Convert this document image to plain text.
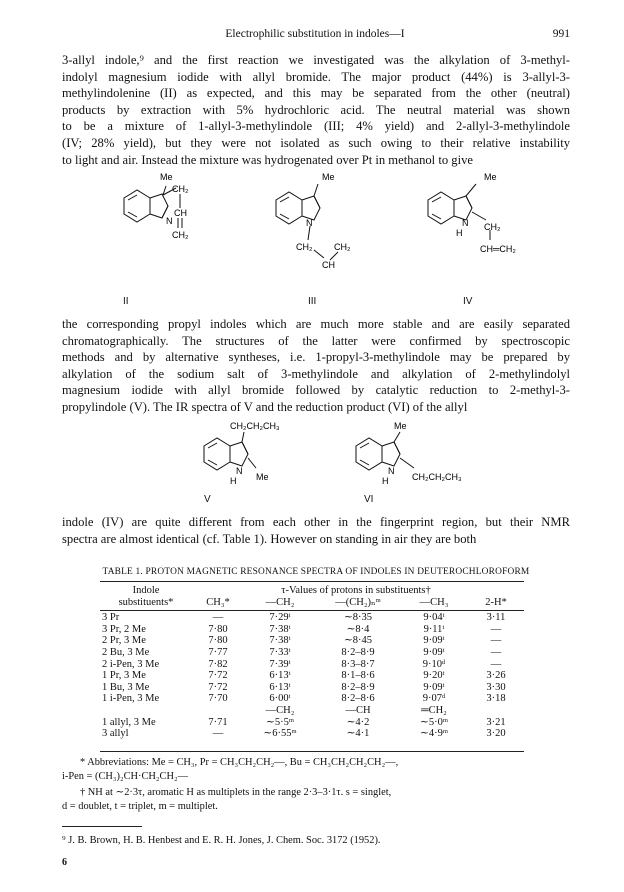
Electrophilic substitution in indoles—I	991
3-allyl indole,⁹ and the first reaction we investigated was the alkylation of 3-methyl-
indolyl magnesium iodide with allyl bromide. The major product (44%) is 3-allyl-3-
methylindolenine (II) as expected, and this may be separated from the other (neutral)
products by extraction with 5% hydrochloric acid. The neutral material was shown
to be a mixture of 1-allyl-3-methylindole (III; 4% yield) and 2-allyl-3-methylindole
(IV; 28% yield), but they were not isolated as such owing to their relative instability
to light and air. Instead the mixture was hydrogenated over Pt in methanol to give
Me
CH₂
CH
CH₂
N
II
Me
N
CH₂ CH₂
CH
III
Me
N
H
CH₂
CH═CH₂
IV
the corresponding propyl indoles which are much more stable and are easily separated
chromatographically. The structures of the latter were confirmed by spectroscopic
methods and by alternative syntheses, i.e. 1-propyl-3-methylindole may be prepared by
alkylation of the sodium salt of 3-methylindole and alkylation of 2-methylindolyl
magnesium iodide with allyl bromide followed by catalytic reduction to 2-methyl-3-
propylindole (V). The IR spectra of V and the reduction product (VI) of the allyl
CH₂CH₂CH₃
N
H Me
V
Me
N
H	CH₂CH₂CH₃
VI
indole (IV) are quite different from each other in the fingerprint region, but their NMR
spectra are almost identical (cf. Table 1). However on standing in air they are both
TABLE 1. PROTON MAGNETIC RESONANCE SPECTRA OF INDOLES IN DEUTEROCHLOROFORM
Indole		τ-Values of protons in substituents†			
substituents*	CH₃*	—CH₂	—(CH₂)ₙᵐ	—CH₃	2-H*

3 Pr	—	7·29ᵗ	∼8·35	9·04ᵗ	3·11
3 Pr, 2 Me	7·80	7·38ᵗ	∼8·4	9·11ᵗ	—
2 Pr, 3 Me	7·80	7·38ᵗ	∼8·45	9·09ᵗ	—
2 Bu, 3 Me	7·77	7·33ᵗ	8·2–8·9	9·09ᵗ	—
2 i-Pen, 3 Me	7·82	7·39ᵗ	8·3–8·7	9·10ᵈ	—
1 Pr, 3 Me	7·72	6·13ᵗ	8·1–8·6	9·20ᵗ	3·26
1 Bu, 3 Me	7·72	6·13ᵗ	8·2–8·9	9·09ᵗ	3·30
1 i-Pen, 3 Me	7·70	6·00ᵗ	8·2–8·6	9·07ᵈ	3·18
		—CH₂	—CH	═CH₂	
1 allyl, 3 Me	7·71	∼5·5ᵐ	∼4·2	∼5·0ᵐ	3·21
3 allyl	—	∼6·55ᵐ	∼4·1	∼4·9ᵐ	3·20
* Abbreviations: Me = CH₃, Pr = CH₃CH₂CH₂—, Bu = CH₃CH₂CH₂CH₂—,
i-Pen = (CH₃)₂CH·CH₂CH₂—
† NH at ∼2·3τ, aromatic H as multiplets in the range 2·3–3·1τ. s = singlet,
d = doublet, t = triplet, m = multiplet.
⁹ J. B. Brown, H. B. Henbest and E. R. H. Jones, J. Chem. Soc. 3172 (1952).
6
